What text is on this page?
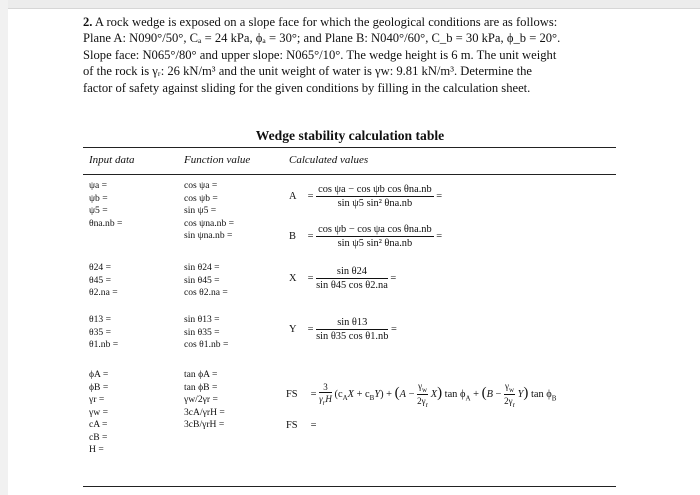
2. A rock wedge is exposed on a slope face for which the geological conditions are as follows:
Plane A: N090°/50°, Cₐ = 24 kPa, ϕₐ = 30°; and Plane B: N040°/60°, C_b = 30 kPa, ϕ_b = 20°.
Slope face: N065°/80° and upper slope: N065°/10°. The wedge height is 6 m. The unit weight
of the rock is γᵣ: 26 kN/m³ and the unit weight of water is γw: 9.81 kN/m³. Determine the
factor of safety against sliding for the given conditions by filling in the calculation sheet.
Wedge stability calculation table
Input data	Function value	Calculated values
ψa =
ψb =
ψ5 =
θna.nb =
θ24 =
θ45 =
θ2.na =
θ13 =
θ35 =
θ1.nb =
ϕA =
ϕB =
γr =
γw =
cA =
cB =
H =
cos ψa =
cos ψb =
sin ψ5 =
cos ψna.nb =
sin ψna.nb =
sin θ24 =
sin θ45 =
cos θ2.na =
sin θ13 =
sin θ35 =
cos θ1.nb =
tan ϕA =
tan ϕB =
γw/2γr =
3cA/γrH =
3cB/γrH =
$A = \frac{\text{cos ψa − cos ψb cos θna.nb}}{\text{sin ψ5 sin² θna.nb}}$ =
$B = \frac{\text{cos ψb − cos ψa cos θna.nb}}{\text{sin ψ5 sin² θna.nb}}$ =
$X = \frac{\text{sin θ24}}{\text{sin θ45 cos θ2.na}}$ =
$Y = \frac{\text{sin θ13}}{\text{sin θ35 cos θ1.nb}}$ =
FS = $\frac{3}{\gamma_rH} (c_AX + c_BY) + (A - \frac{\gamma_w}{2\gamma_r} X)$ $\tan \phi_A + (B - \frac{\gamma_w}{2\gamma_r} Y)$ $\tan \phi_B$
FS =
